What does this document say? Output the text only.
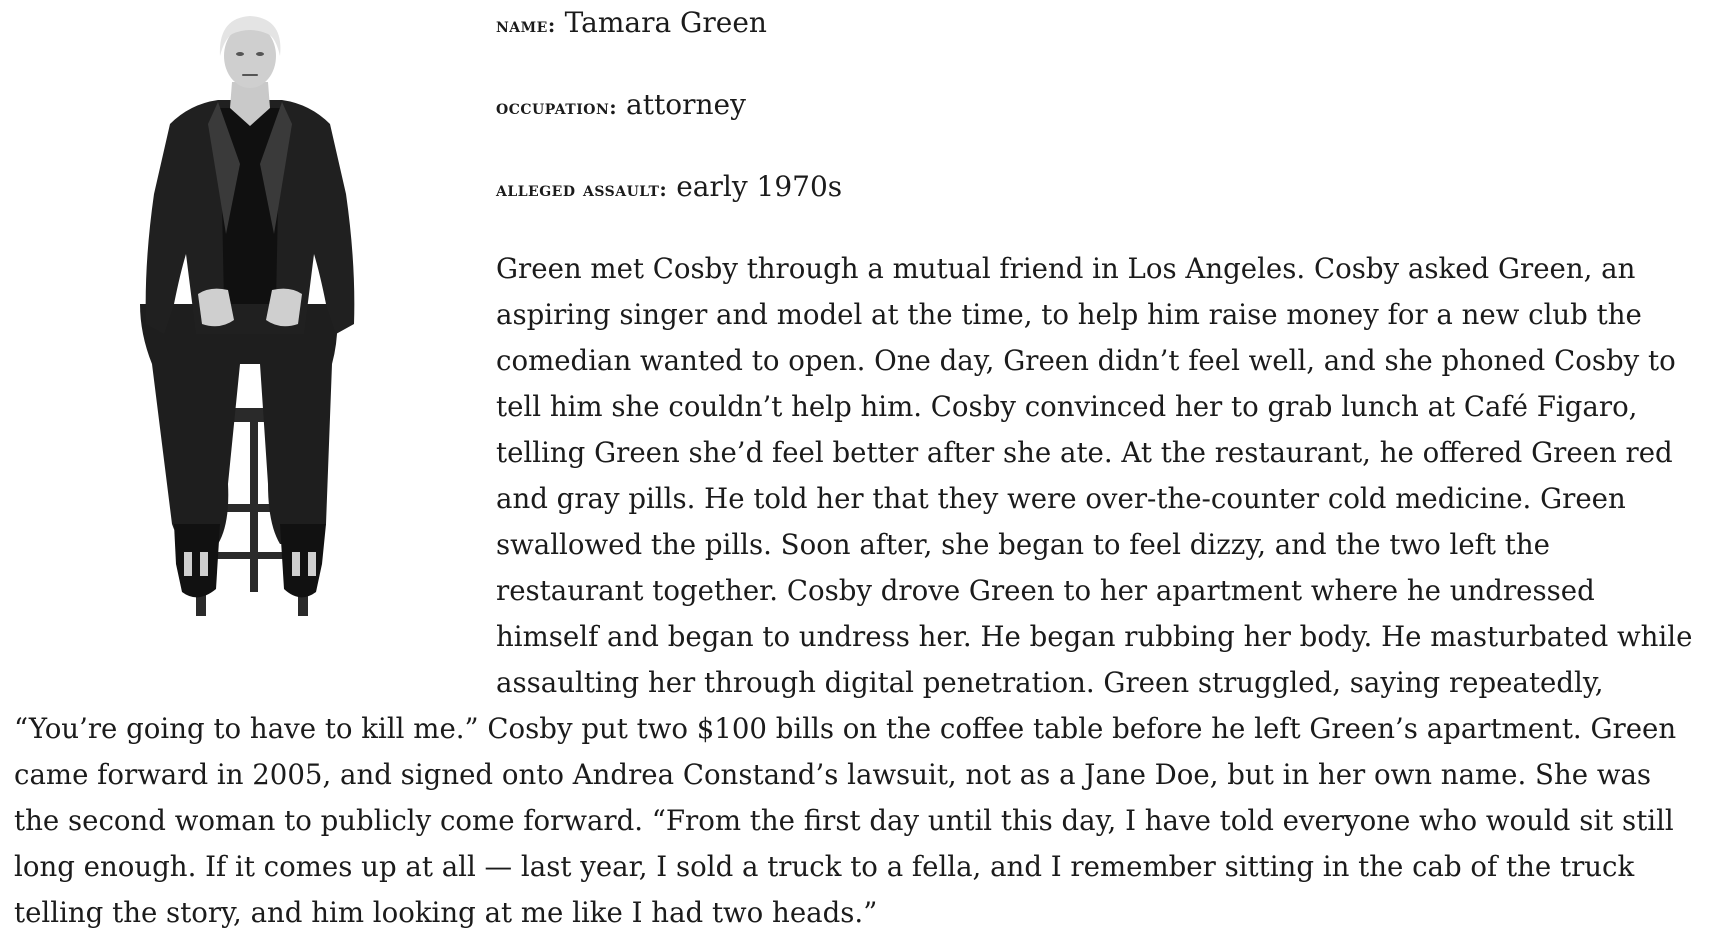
name: Tamara Green

occupation: attorney

alleged assault: early 1970s

Green met Cosby through a mutual friend in Los Angeles. Cosby asked Green, an aspiring singer and model at the time, to help him raise money for a new club the comedian wanted to open. One day, Green didn’t feel well, and she phoned Cosby to tell him she couldn’t help him. Cosby convinced her to grab lunch at Café Figaro, telling Green she’d feel better after she ate. At the restaurant, he offered Green red and gray pills. He told her that they were over-the-counter cold medicine. Green swallowed the pills. Soon after, she began to feel dizzy, and the two left the restaurant together. Cosby drove Green to her apartment where he undressed himself and began to undress her. He began rubbing her body. He masturbated while assaulting her through digital penetration. Green struggled, saying repeatedly, “You’re going to have to kill me.” Cosby put two $100 bills on the coffee table before he left Green’s apartment. Green came forward in 2005, and signed onto Andrea Constand’s lawsuit, not as a Jane Doe, but in her own name. She was the second woman to publicly come forward. “From the first day until this day, I have told everyone who would sit still long enough. If it comes up at all — last year, I sold a truck to a fella, and I remember sitting in the cab of the truck telling the story, and him looking at me like I had two heads.”
